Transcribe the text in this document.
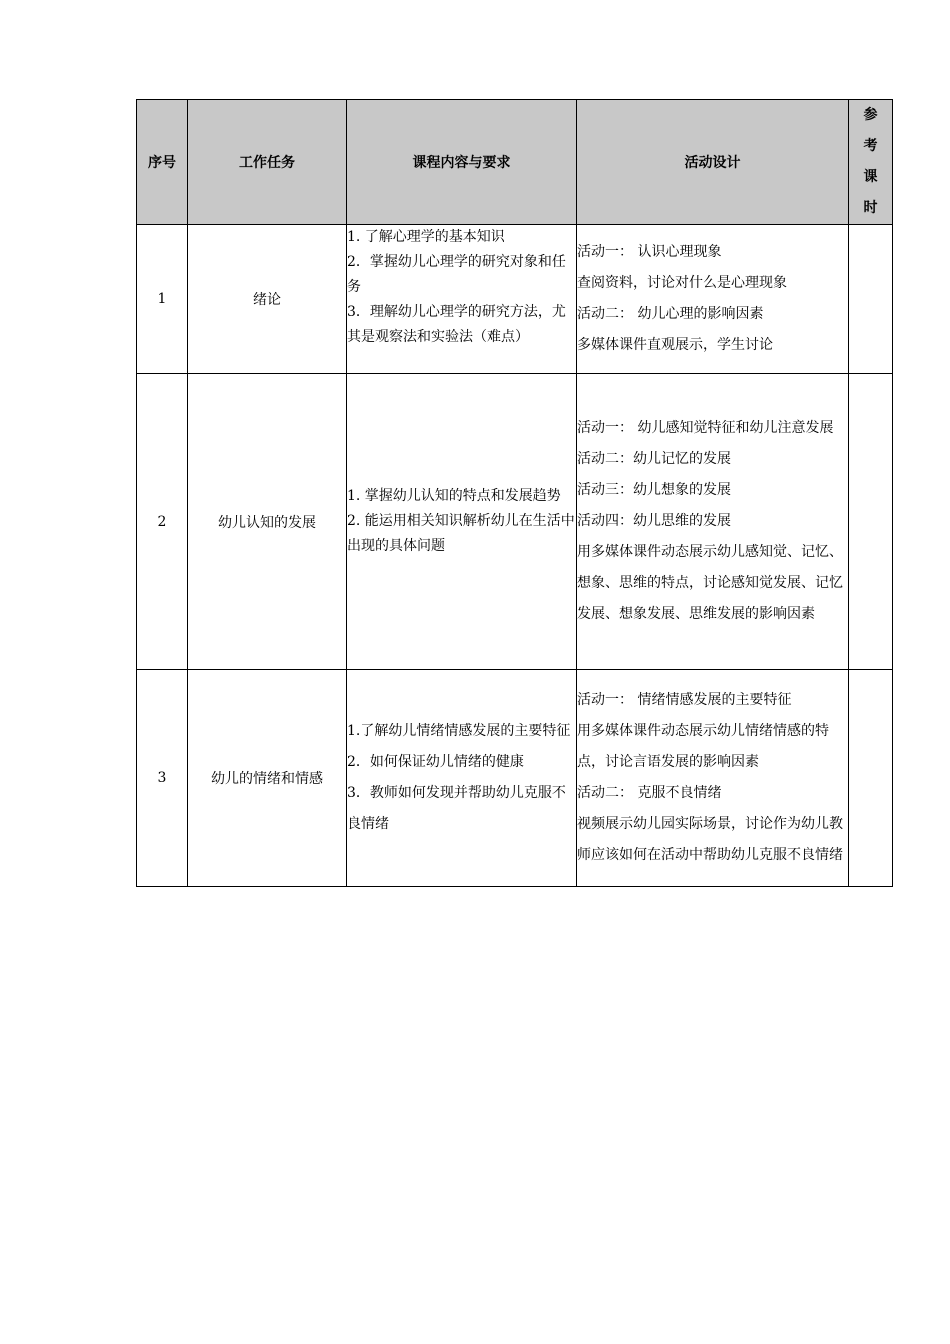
序号	工作任务	课程内容与要求	活动设计	参
考
课
时

1	绪论	1. 了解心理学的基本知识
2．掌握幼儿心理学的研究对象和任务
3．理解幼儿心理学的研究方法，尤其是观察法和实验法（难点）	活动一： 认识心理现象
查阅资料，讨论对什么是心理现象
活动二： 幼儿心理的影响因素
多媒体课件直观展示，学生讨论	

2	幼儿认知的发展	1. 掌握幼儿认知的特点和发展趋势
2. 能运用相关知识解析幼儿在生活中出现的具体问题	活动一： 幼儿感知觉特征和幼儿注意发展
活动二：幼儿记忆的发展
活动三：幼儿想象的发展
活动四：幼儿思维的发展
用多媒体课件动态展示幼儿感知觉、记忆、想象、思维的特点，讨论感知觉发展、记忆发展、想象发展、思维发展的影响因素	

3	幼儿的情绪和情感	1.了解幼儿情绪情感发展的主要特征
2．如何保证幼儿情绪的健康
3．教师如何发现并帮助幼儿克服不良情绪	活动一： 情绪情感发展的主要特征
用多媒体课件动态展示幼儿情绪情感的特点，讨论言语发展的影响因素
活动二： 克服不良情绪
视频展示幼儿园实际场景，讨论作为幼儿教师应该如何在活动中帮助幼儿克服不良情绪	
